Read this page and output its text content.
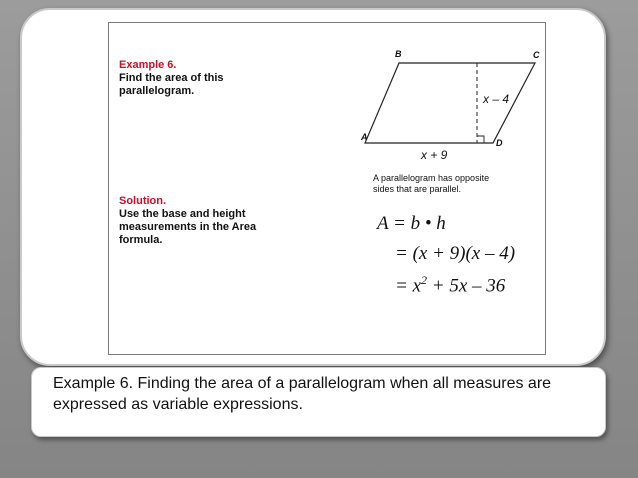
Example 6.
Find the area of this
parallelogram.
B	C
A
D
x – 4
x + 9
A parallelogram has opposite
sides that are parallel.
Solution.
Use the base and height
measurements in the Area
formula.
A = b • h
= (x + 9)(x – 4)
= $x^2 + 5x - 36$
Example 6. Finding the area of a parallelogram when all measures are expressed as variable expressions.
